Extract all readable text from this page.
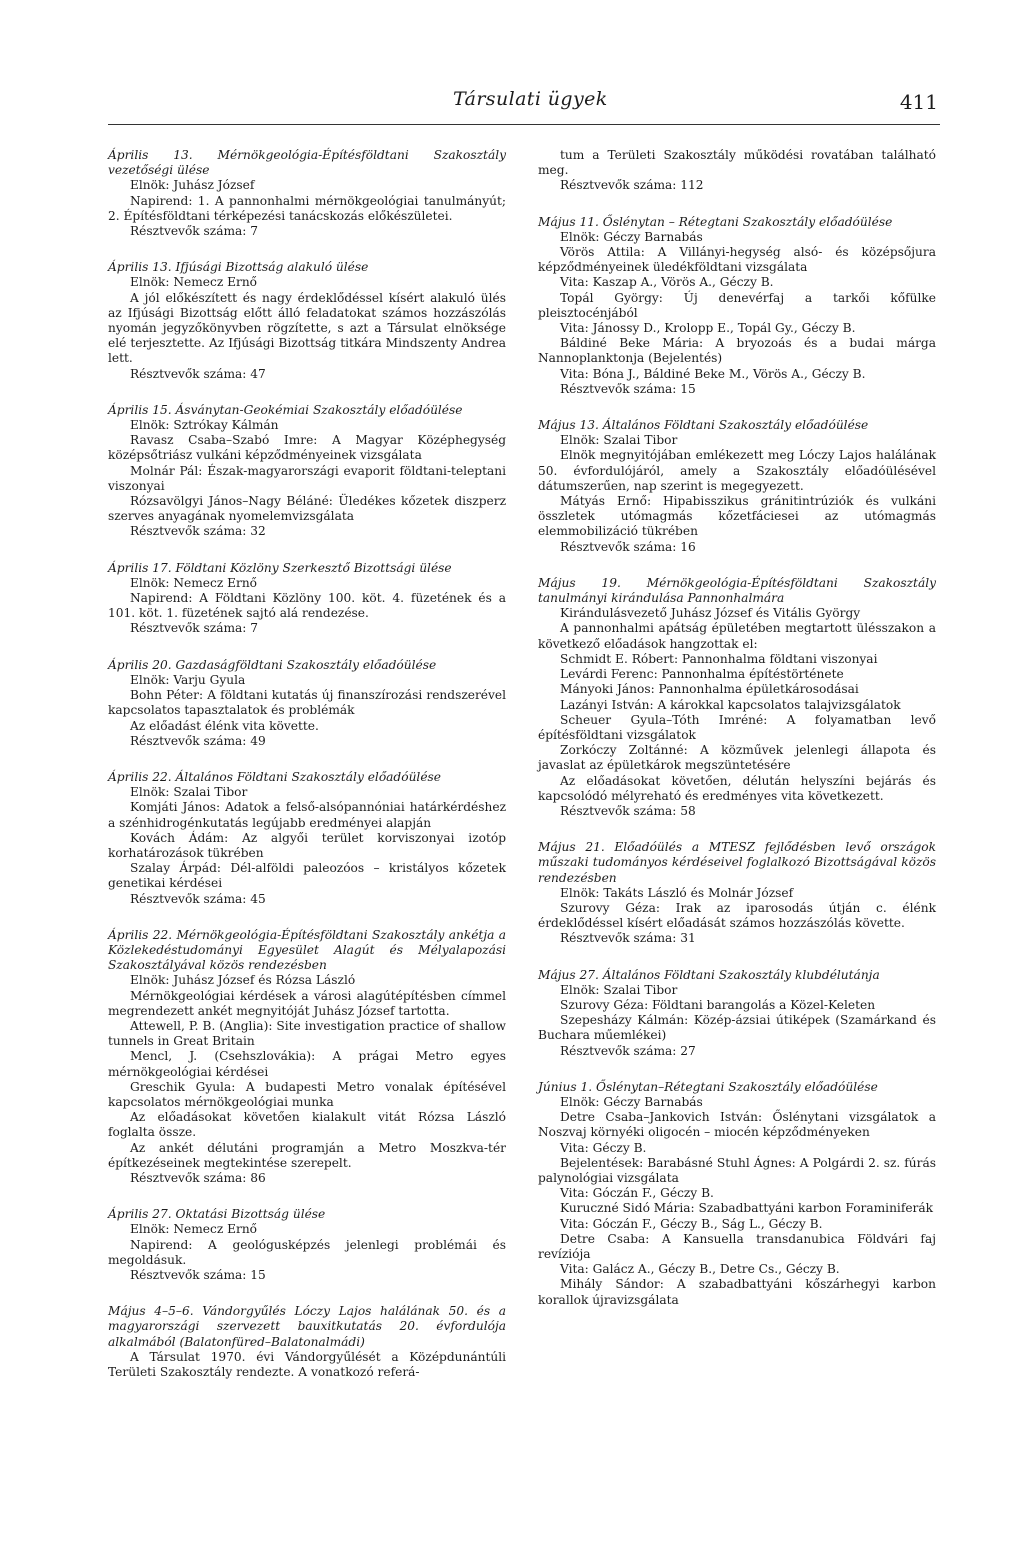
Társulati ügyek	411

Április 13. Mérnökgeológia-Építésföldtani Szakosztály vezetőségi ülése

Elnök: Juhász József

Napirend: 1. A pannonhalmi mérnökgeológiai tanulmányút; 2. Építésföldtani térképezési tanácskozás előkészületei.

Résztvevők száma: 7

Április 13. Ifjúsági Bizottság alakuló ülése

Elnök: Nemecz Ernő

A jól előkészített és nagy érdeklődéssel kísért alakuló ülés az Ifjúsági Bizottság előtt álló feladatokat számos hozzászólás nyomán jegyzőkönyvben rögzítette, s azt a Társulat elnöksége elé terjesztette. Az Ifjúsági Bizottság titkára Mindszenty Andrea lett.

Résztvevők száma: 47

Április 15. Ásványtan-Geokémiai Szakosztály előadóülése

Elnök: Sztrókay Kálmán

Ravasz Csaba–Szabó Imre: A Magyar Középhegység középsőtriász vulkáni képződményeinek vizsgálata

Molnár Pál: Észak-magyarországi evaporit földtani-teleptani viszonyai

Rózsavölgyi János–Nagy Béláné: Üledékes kőzetek diszperz szerves anyagának nyomelemvizsgálata

Résztvevők száma: 32

Április 17. Földtani Közlöny Szerkesztő Bizottsági ülése

Elnök: Nemecz Ernő

Napirend: A Földtani Közlöny 100. köt. 4. füzetének és a 101. köt. 1. füzetének sajtó alá rendezése.

Résztvevők száma: 7

Április 20. Gazdaságföldtani Szakosztály előadóülése

Elnök: Varju Gyula

Bohn Péter: A földtani kutatás új finanszírozási rendszerével kapcsolatos tapasztalatok és problémák

Az előadást élénk vita követte.

Résztvevők száma: 49

Április 22. Általános Földtani Szakosztály előadóülése

Elnök: Szalai Tibor

Komjáti János: Adatok a felső-alsópannóniai határkérdéshez a szénhidrogénkutatás legújabb eredményei alapján

Kovách Ádám: Az algyői terület korviszonyai izotóp korhatározások tükrében

Szalay Árpád: Dél-alföldi paleozóos – kristályos kőzetek genetikai kérdései

Résztvevők száma: 45

Április 22. Mérnökgeológia-Építésföldtani Szakosztály ankétja a Közlekedéstudományi Egyesület Alagút és Mélyalapozási Szakosztályával közös rendezésben

Elnök: Juhász József és Rózsa László

Mérnökgeológiai kérdések a városi alagútépítésben címmel megrendezett ankét megnyitóját Juhász József tartotta.

Attewell, P. B. (Anglia): Site investigation practice of shallow tunnels in Great Britain

Mencl, J. (Csehszlovákia): A prágai Metro egyes mérnökgeológiai kérdései

Greschik Gyula: A budapesti Metro vonalak építésével kapcsolatos mérnökgeológiai munka

Az előadásokat követően kialakult vitát Rózsa László foglalta össze.

Az ankét délutáni programján a Metro Moszkva-tér építkezéseinek megtekintése szerepelt.

Résztvevők száma: 86

Április 27. Oktatási Bizottság ülése

Elnök: Nemecz Ernő

Napirend: A geológusképzés jelenlegi problémái és megoldásuk.

Résztvevők száma: 15

Május 4–5–6. Vándorgyűlés Lóczy Lajos halálának 50. és a magyarországi szervezett bauxitkutatás 20. évfordulója alkalmából (Balatonfüred–Balatonalmádi)

A Társulat 1970. évi Vándorgyűlését a Középdunántúli Területi Szakosztály rendezte. A vonatkozó referá-

tum a Területi Szakosztály működési rovatában található meg.

Résztvevők száma: 112

Május 11. Őslénytan – Rétegtani Szakosztály előadóülése

Elnök: Géczy Barnabás

Vörös Attila: A Villányi-hegység alsó- és középsőjura képződményeinek üledékföldtani vizsgálata

Vita: Kaszap A., Vörös A., Géczy B.

Topál György: Új denevérfaj a tarkői kőfülke pleisztocénjából

Vita: Jánossy D., Krolopp E., Topál Gy., Géczy B.

Báldiné Beke Mária: A bryozoás és a budai márga Nannoplanktonja (Bejelentés)

Vita: Bóna J., Báldiné Beke M., Vörös A., Géczy B.

Résztvevők száma: 15

Május 13. Általános Földtani Szakosztály előadóülése

Elnök: Szalai Tibor

Elnök megnyitójában emlékezett meg Lóczy Lajos halálának 50. évfordulójáról, amely a Szakosztály előadóülésével dátumszerűen, nap szerint is megegyezett.

Mátyás Ernő: Hipabisszikus gránitintrúziók és vulkáni összletek utómagmás kőzetfáciesei az utómagmás elemmobilizáció tükrében

Résztvevők száma: 16

Május 19. Mérnökgeológia-Építésföldtani Szakosztály tanulmányi kirándulása Pannonhalmára

Kirándulásvezető Juhász József és Vitális György

A pannonhalmi apátság épületében megtartott ülésszakon a következő előadások hangzottak el:

Schmidt E. Róbert: Pannonhalma földtani viszonyai

Levárdi Ferenc: Pannonhalma építéstörténete

Mányoki János: Pannonhalma épületkárosodásai

Lazányi István: A károkkal kapcsolatos talajvizsgálatok

Scheuer Gyula–Tóth Imréné: A folyamatban levő építésföldtani vizsgálatok

Zorkóczy Zoltánné: A közművek jelenlegi állapota és javaslat az épületkárok megszüntetésére

Az előadásokat követően, délután helyszíni bejárás és kapcsolódó mélyreható és eredményes vita következett.

Résztvevők száma: 58

Május 21. Előadóülés a MTESZ fejlődésben levő országok műszaki tudományos kérdéseivel foglalkozó Bizottságával közös rendezésben

Elnök: Takáts László és Molnár József

Szurovy Géza: Irak az iparosodás útján c. élénk érdeklődéssel kísért előadását számos hozzászólás követte.

Résztvevők száma: 31

Május 27. Általános Földtani Szakosztály klubdélutánja

Elnök: Szalai Tibor

Szurovy Géza: Földtani barangolás a Közel-Keleten

Szepesházy Kálmán: Közép-ázsiai útiképek (Szamárkand és Buchara műemlékei)

Résztvevők száma: 27

Június 1. Őslénytan–Rétegtani Szakosztály előadóülése

Elnök: Géczy Barnabás

Detre Csaba–Jankovich István: Őslénytani vizsgálatok a Noszvaj környéki oligocén – miocén képződményeken

Vita: Géczy B.

Bejelentések: Barabásné Stuhl Ágnes: A Polgárdi 2. sz. fúrás palynológiai vizsgálata

Vita: Góczán F., Géczy B.

Kuruczné Sidó Mária: Szabadbattyáni karbon Foraminiferák

Vita: Góczán F., Géczy B., Ság L., Géczy B.

Detre Csaba: A Kansuella transdanubica Földvári faj revíziója

Vita: Galácz A., Géczy B., Detre Cs., Géczy B.

Mihály Sándor: A szabadbattyáni kőszárhegyi karbon korallok újravizsgálata
